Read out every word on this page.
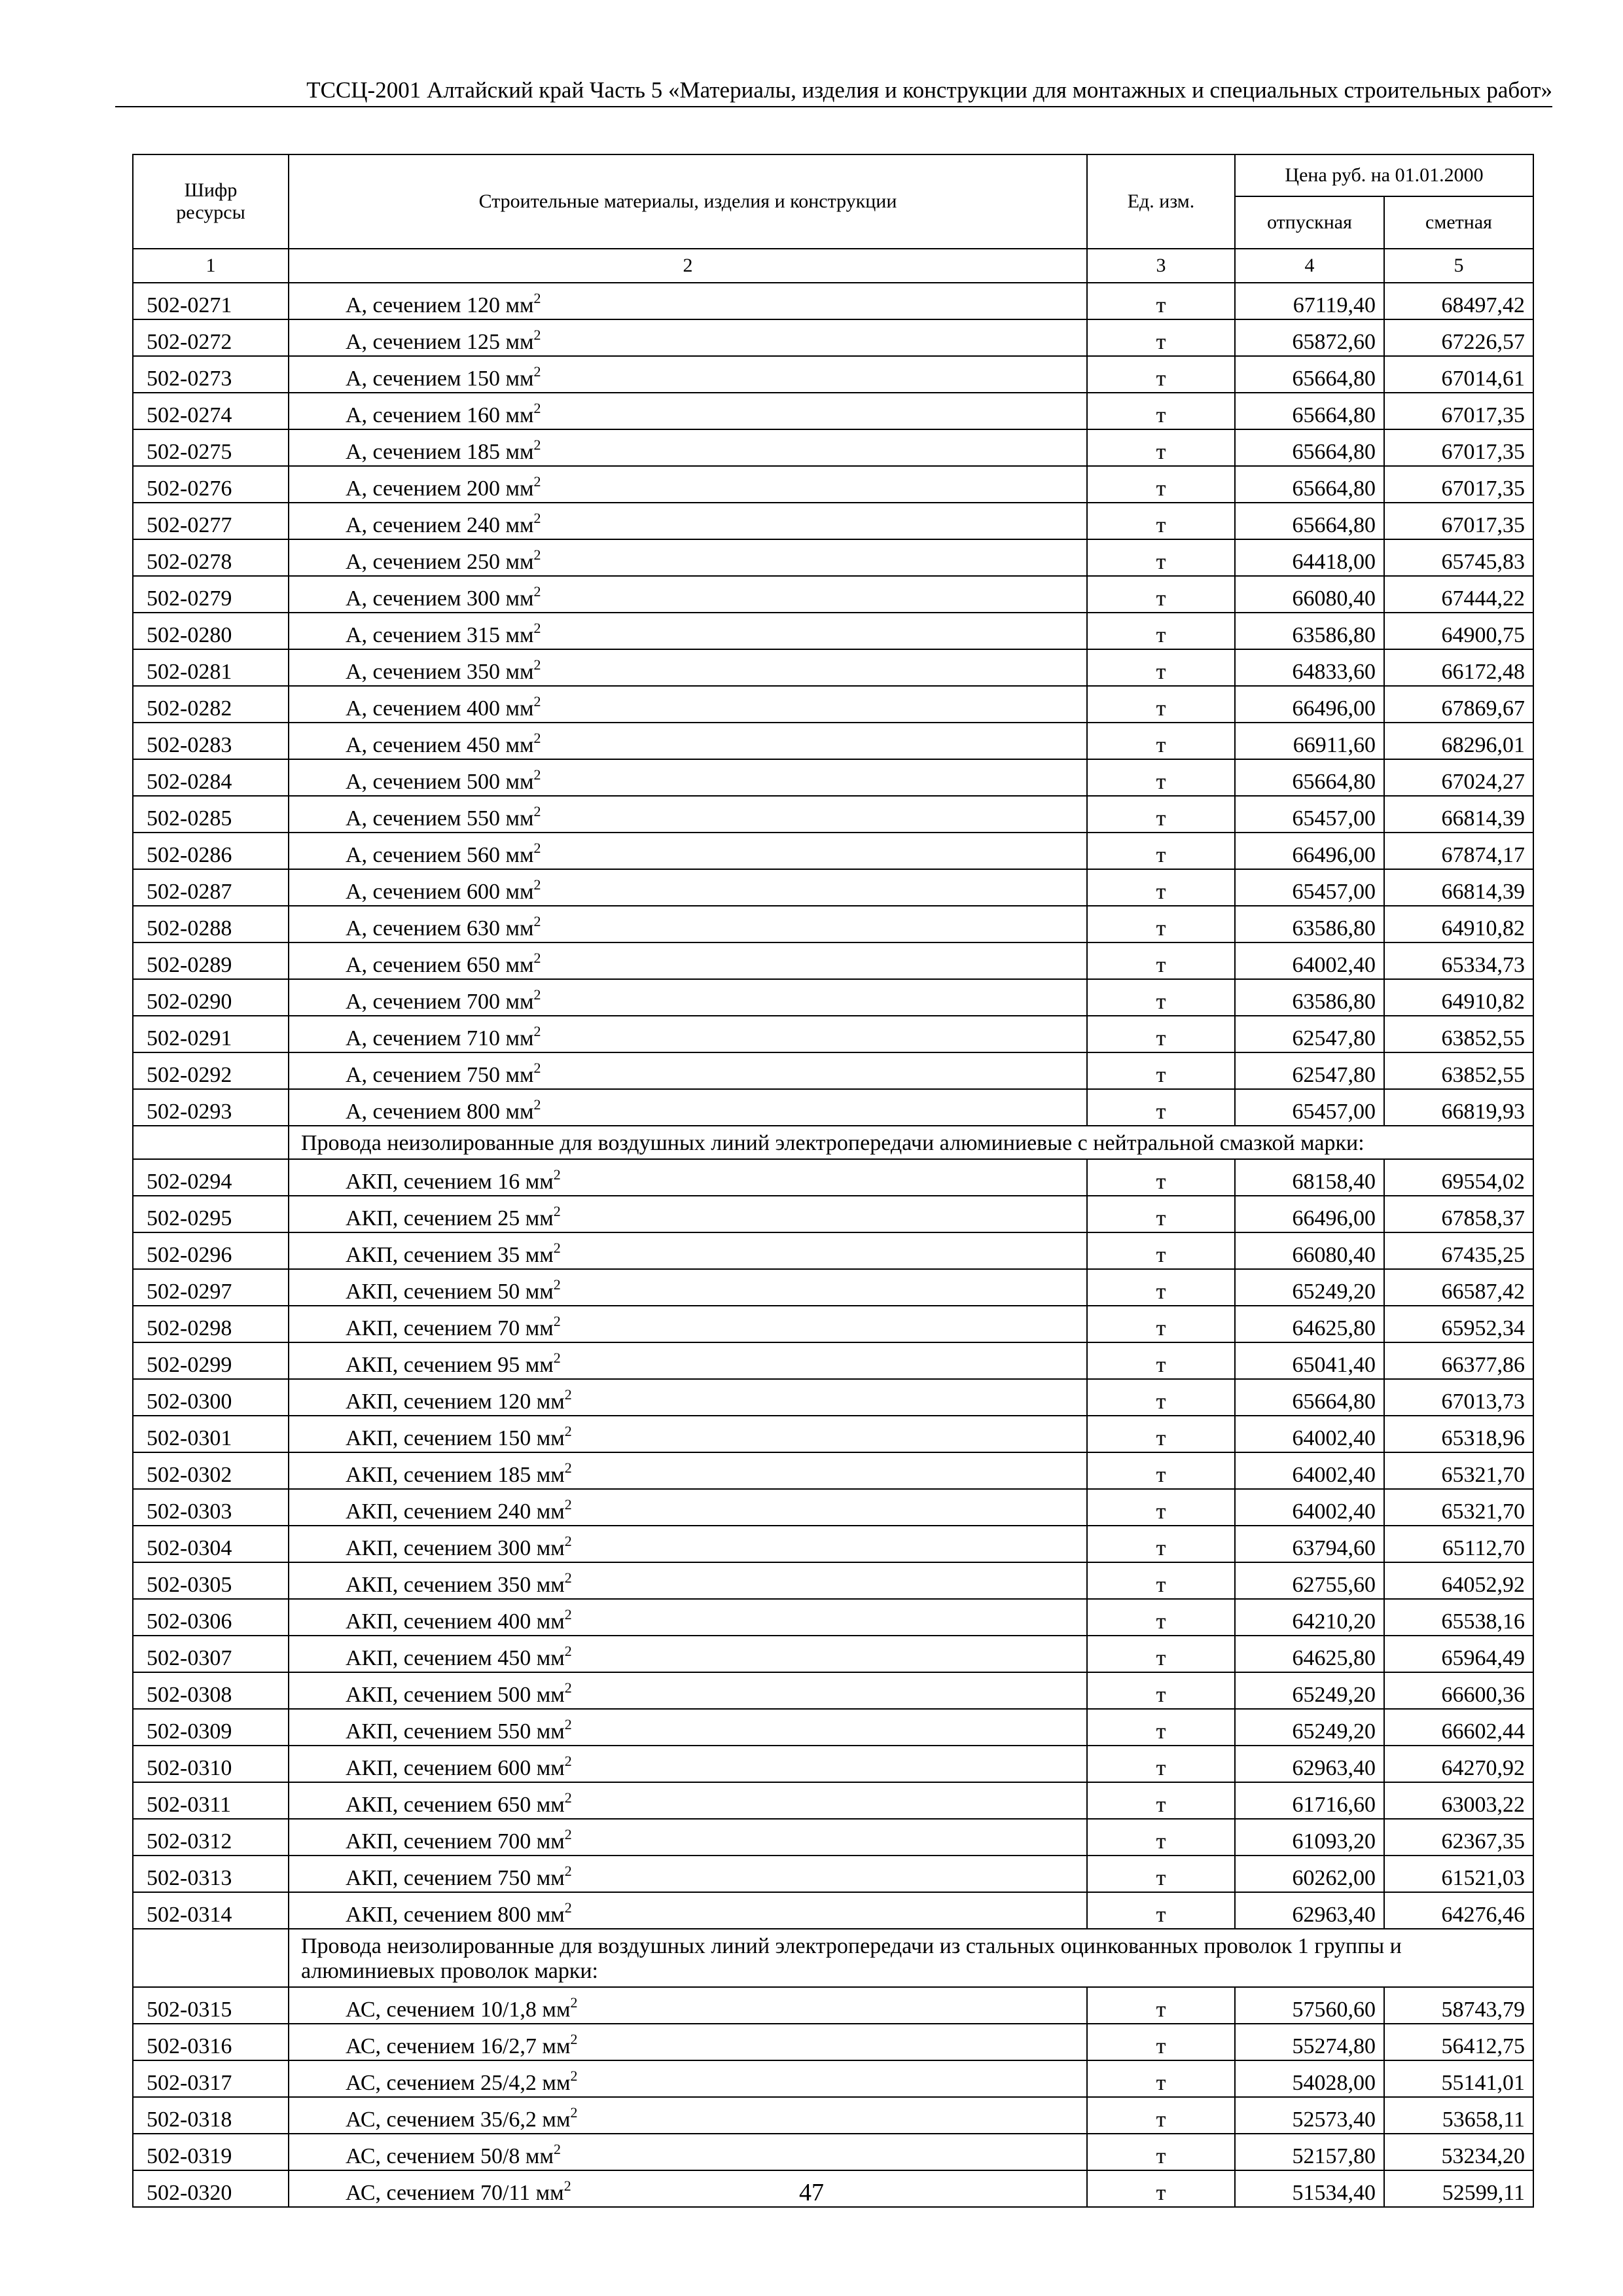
ТССЦ-2001 Алтайский край Часть 5 «Материалы, изделия и конструкции для монтажных и специальных строительных работ»
Шифр ресурсы	Строительные материалы, изделия и конструкции	Ед. изм.	Цена руб. на 01.01.2000	
			отпускная	сметная
1	2	3	4	5
502-0271	А, сечением 120 $мм^2$	т	67119,40	68497,42
502-0272	А, сечением 125 $мм^2$	т	65872,60	67226,57
502-0273	А, сечением 150 $мм^2$	т	65664,80	67014,61
502-0274	А, сечением 160 $мм^2$	т	65664,80	67017,35
502-0275	А, сечением 185 $мм^2$	т	65664,80	67017,35
502-0276	А, сечением 200 $мм^2$	т	65664,80	67017,35
502-0277	А, сечением 240 $мм^2$	т	65664,80	67017,35
502-0278	А, сечением 250 $мм^2$	т	64418,00	65745,83
502-0279	А, сечением 300 $мм^2$	т	66080,40	67444,22
502-0280	А, сечением 315 $мм^2$	т	63586,80	64900,75
502-0281	А, сечением 350 $мм^2$	т	64833,60	66172,48
502-0282	А, сечением 400 $мм^2$	т	66496,00	67869,67
502-0283	А, сечением 450 $мм^2$	т	66911,60	68296,01
502-0284	А, сечением 500 $мм^2$	т	65664,80	67024,27
502-0285	А, сечением 550 $мм^2$	т	65457,00	66814,39
502-0286	А, сечением 560 $мм^2$	т	66496,00	67874,17
502-0287	А, сечением 600 $мм^2$	т	65457,00	66814,39
502-0288	А, сечением 630 $мм^2$	т	63586,80	64910,82
502-0289	А, сечением 650 $мм^2$	т	64002,40	65334,73
502-0290	А, сечением 700 $мм^2$	т	63586,80	64910,82
502-0291	А, сечением 710 $мм^2$	т	62547,80	63852,55
502-0292	А, сечением 750 $мм^2$	т	62547,80	63852,55
502-0293	А, сечением 800 $мм^2$	т	65457,00	66819,93
	Провода неизолированные для воздушных линий электропередачи алюминиевые с нейтральной смазкой марки:			
502-0294	АКП, сечением 16 $мм^2$	т	68158,40	69554,02
502-0295	АКП, сечением 25 $мм^2$	т	66496,00	67858,37
502-0296	АКП, сечением 35 $мм^2$	т	66080,40	67435,25
502-0297	АКП, сечением 50 $мм^2$	т	65249,20	66587,42
502-0298	АКП, сечением 70 $мм^2$	т	64625,80	65952,34
502-0299	АКП, сечением 95 $мм^2$	т	65041,40	66377,86
502-0300	АКП, сечением 120 $мм^2$	т	65664,80	67013,73
502-0301	АКП, сечением 150 $мм^2$	т	64002,40	65318,96
502-0302	АКП, сечением 185 $мм^2$	т	64002,40	65321,70
502-0303	АКП, сечением 240 $мм^2$	т	64002,40	65321,70
502-0304	АКП, сечением 300 $мм^2$	т	63794,60	65112,70
502-0305	АКП, сечением 350 $мм^2$	т	62755,60	64052,92
502-0306	АКП, сечением 400 $мм^2$	т	64210,20	65538,16
502-0307	АКП, сечением 450 $мм^2$	т	64625,80	65964,49
502-0308	АКП, сечением 500 $мм^2$	т	65249,20	66600,36
502-0309	АКП, сечением 550 $мм^2$	т	65249,20	66602,44
502-0310	АКП, сечением 600 $мм^2$	т	62963,40	64270,92
502-0311	АКП, сечением 650 $мм^2$	т	61716,60	63003,22
502-0312	АКП, сечением 700 $мм^2$	т	61093,20	62367,35
502-0313	АКП, сечением 750 $мм^2$	т	60262,00	61521,03
502-0314	АКП, сечением 800 $мм^2$	т	62963,40	64276,46
	Провода неизолированные для воздушных линий электропередачи из стальных оцинкованных проволок 1 группы и алюминиевых проволок марки:			
502-0315	АС, сечением 10/1,8 $мм^2$	т	57560,60	58743,79
502-0316	АС, сечением 16/2,7 $мм^2$	т	55274,80	56412,75
502-0317	АС, сечением 25/4,2 $мм^2$	т	54028,00	55141,01
502-0318	АС, сечением 35/6,2 $мм^2$	т	52573,40	53658,11
502-0319	АС, сечением 50/8 $мм^2$	т	52157,80	53234,20
502-0320	АС, сечением 70/11 $мм^2$	т	51534,40	52599,11
47
